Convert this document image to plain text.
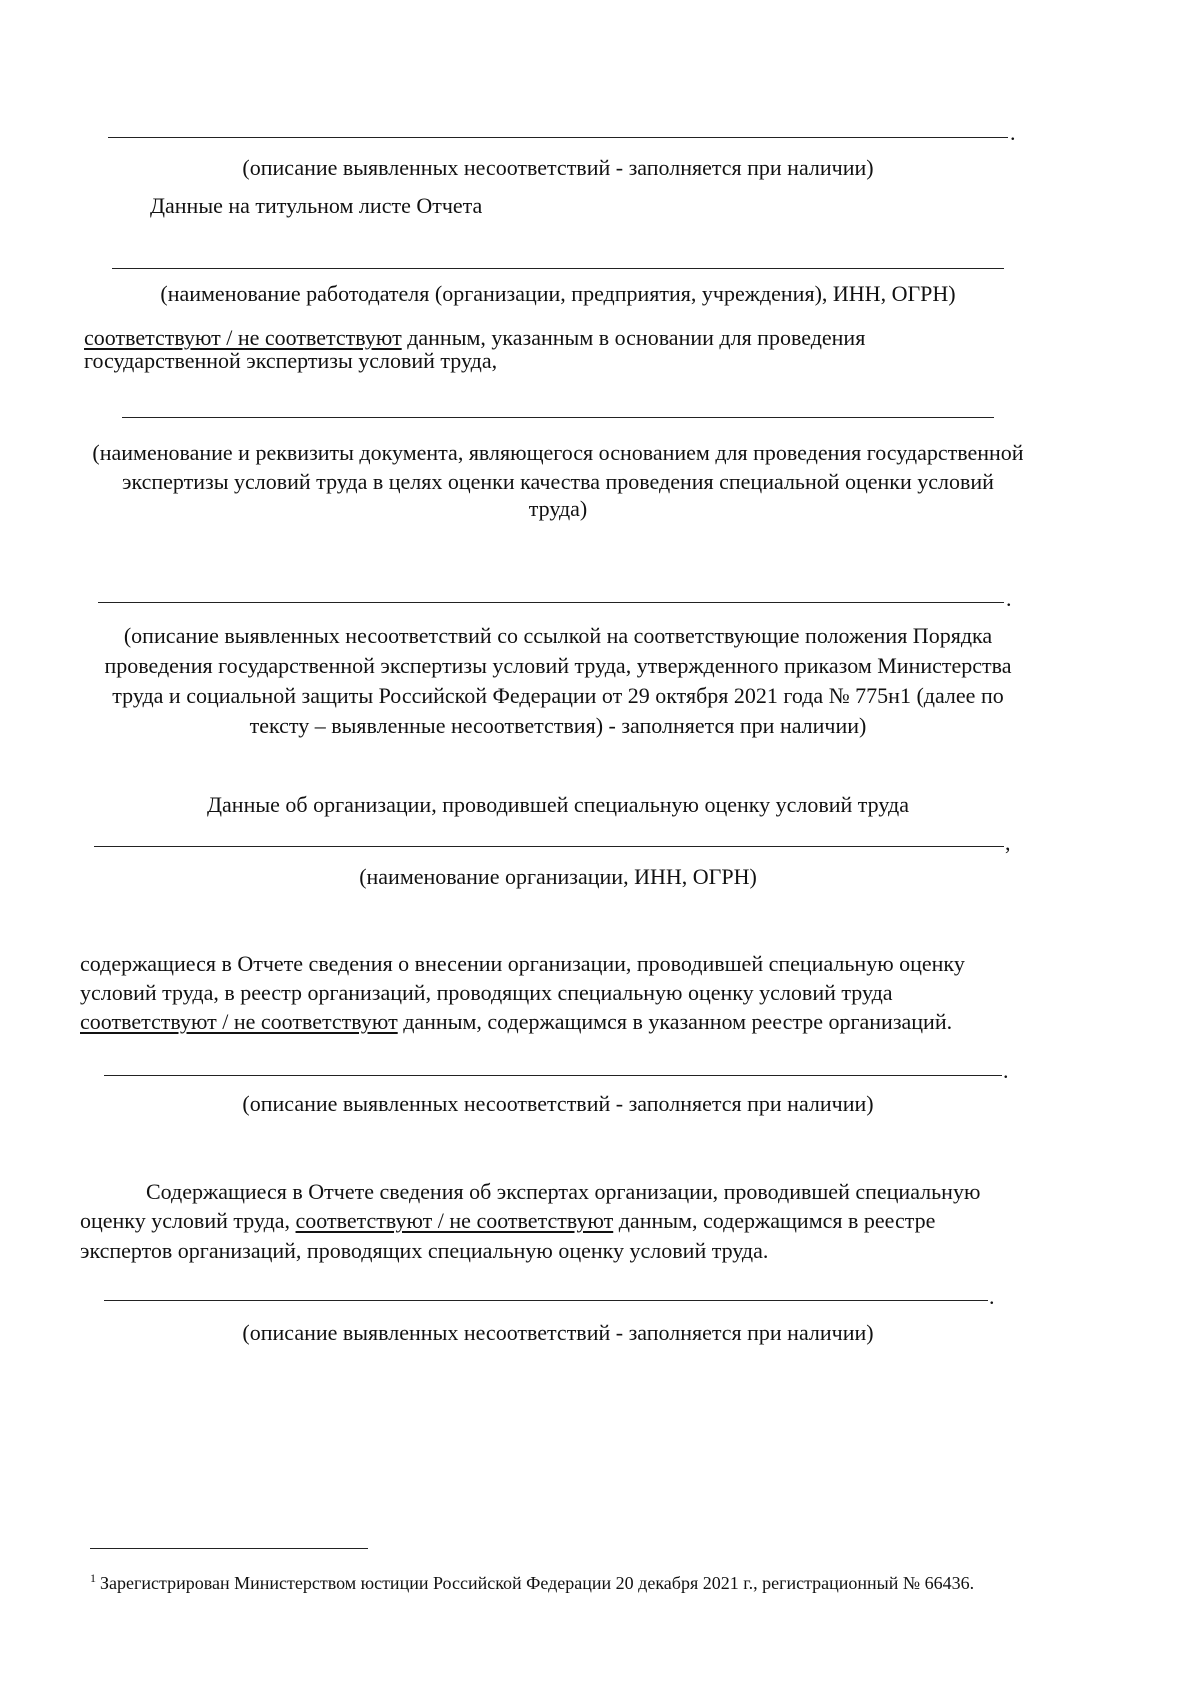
.
(описание выявленных несоответствий - заполняется при наличии)
Данные на титульном листе Отчета
(наименование работодателя (организации, предприятия, учреждения), ИНН, ОГРН)
соответствуют / не соответствуют данным, указанным в основании для проведения
государственной экспертизы условий труда,
(наименование и реквизиты документа, являющегося основанием для проведения государственной
экспертизы условий труда в целях оценки качества проведения специальной оценки условий
труда)
.
(описание выявленных несоответствий со ссылкой на соответствующие положения Порядка
проведения государственной экспертизы условий труда, утвержденного приказом Министерства
труда и социальной защиты Российской Федерации от 29 октября 2021 года № 775н1 (далее по
тексту – выявленные несоответствия) - заполняется при наличии)
Данные об организации, проводившей специальную оценку условий труда
,
(наименование организации, ИНН, ОГРН)
содержащиеся в Отчете сведения о внесении организации, проводившей специальную оценку
условий труда, в реестр организаций, проводящих специальную оценку условий труда
соответствуют / не соответствуют данным, содержащимся в указанном реестре организаций.
.
(описание выявленных несоответствий - заполняется при наличии)
Содержащиеся в Отчете сведения об экспертах организации, проводившей специальную
оценку условий труда, соответствуют / не соответствуют данным, содержащимся в реестре
экспертов организаций, проводящих специальную оценку условий труда.
.
(описание выявленных несоответствий - заполняется при наличии)
$^1$ Зарегистрирован Министерством юстиции Российской Федерации 20 декабря 2021 г., регистрационный № 66436.
